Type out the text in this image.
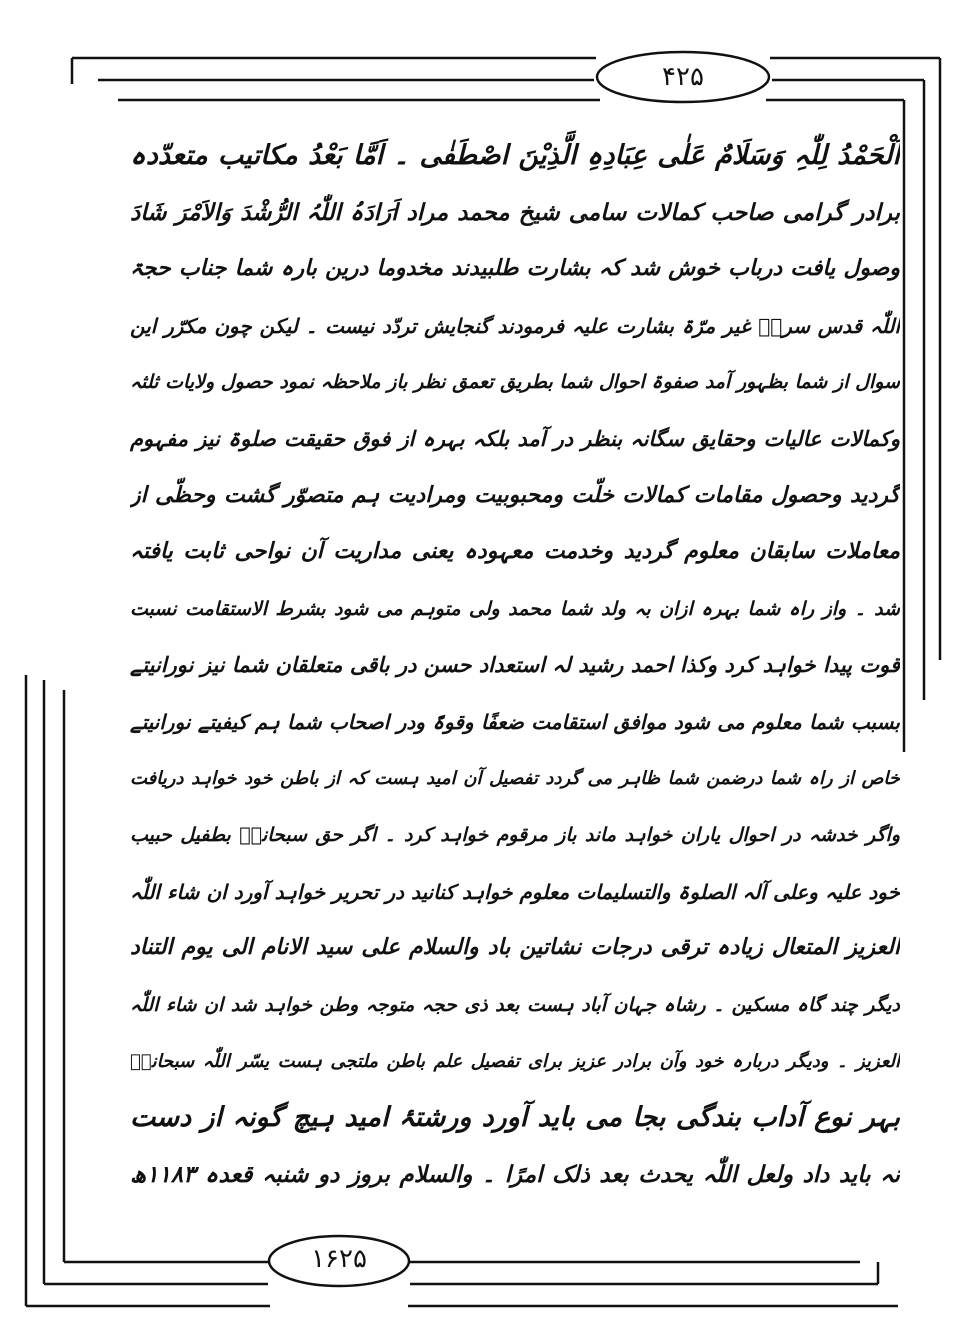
۴۲۵
۱۶۲۵
اَلْحَمْدُ لِلّٰہِ وَسَلَامٌ عَلٰی عِبَادِہِ الَّذِیْنَ اصْطَفٰی ۔ اَمَّا بَعْدُ مکاتیب متعدّدہ
برادر گرامی صاحب کمالات سامی شیخ محمد مراد اَرَادَہُ اللّٰہُ الرُّشْدَ وَالاَمْرَ شَادَ
وصول یافت درباب خوش شد کہ بشارت طلبیدند مخدوما درین بارہ شما جناب حجۃ
اللّٰہ قدس سرہٗ غیر مرّۃ بشارت علیہ فرمودند گنجایش تردّد نیست ۔ لیکن چون مکرّر این
سوال از شما بظہور آمد صفوۃ احوال شما بطریق تعمق نظر باز ملاحظہ نمود حصول ولایات ثلثہ
وکمالات عالیات وحقایق سگانہ بنظر در آمد بلکہ بہرہ از فوق حقیقت صلوۃ نیز مفہوم
گردید وحصول مقامات کمالات خلّت ومحبوبیت ومرادیت ہم متصوّر گشت وحظّی از
معاملات سابقان معلوم گردید وخدمت معہودہ یعنی مداریت آن نواحی ثابت یافتہ
شد ۔ واز راہ شما بہرہ ازان بہ ولد شما محمد ولی متوہم می شود بشرط الاستقامت نسبت
قوت پیدا خواہد کرد وکذا احمد رشید لہ استعداد حسن در باقی متعلقان شما نیز نورانیتے
بسبب شما معلوم می شود موافق استقامت ضعفًا وقوۃً ودر اصحاب شما ہم کیفیتے نورانیتے
خاص از راہ شما درضمن شما ظاہر می گردد تفصیل آن امید ہست کہ از باطن خود خواہد دریافت
واگر خدشہ در احوال یاران خواہد ماند باز مرقوم خواہد کرد ۔ اگر حق سبحانہٗ بطفیل حبیب
خود علیہ وعلی آلہ الصلوۃ والتسلیمات معلوم خواہد کنانید در تحریر خواہد آورد ان شاء اللّٰہ
العزیز المتعال زیادہ ترقی درجات نشاتین باد والسلام علی سید الانام الی یوم التناد
دیگر چند گاہ مسکین ۔ رشاہ جہان آباد ہست بعد ذی حجہ متوجہ وطن خواہد شد ان شاء اللّٰہ
العزیز ۔ ودیگر دربارہ خود وآن برادر عزیز برای تفصیل علم باطن ملتجی ہست یسّر اللّٰہ سبحانہٗ
بہر نوع آداب بندگی بجا می باید آورد ورشتۂ امید ہیچ گونہ از دست
نہ باید داد ولعل اللّٰہ یحدث بعد ذلک امرًا ۔ والسلام بروز دو شنبہ قعدہ ۱۱۸۳ھ
